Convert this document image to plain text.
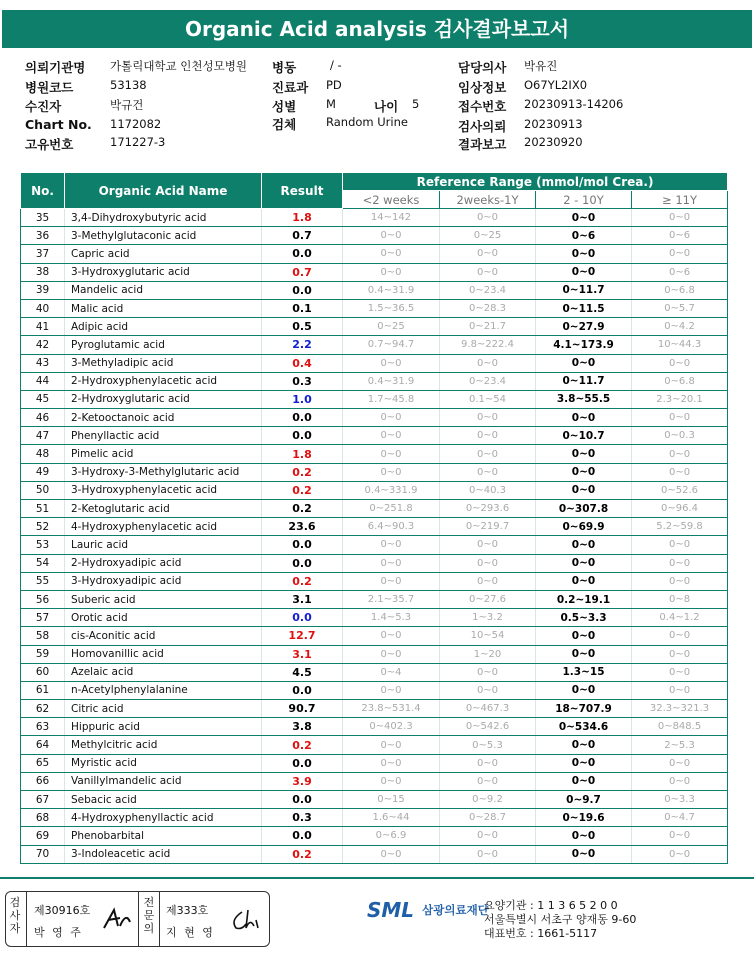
Organic Acid analysis 검사결과보고서
의뢰기관명 가톨릭대학교 인천성모병원 병동	/ -	담당의사 박유진
병원코드	53138	진료과 PD	임상정보 O67YL2IX0
수진자	박규건	성별	M	나이 5	접수번호 20230913-14206
Chart No. 1172082	검체	Random Urine	검사의뢰 20230913
고유번호	171227-3	결과보고 20230920
No.	Organic Acid Name	Result	Reference Range (mmol/mol Crea.)			
			<2 weeks	2weeks-1Y	2 - 10Y	≥ 11Y
35	3,4-Dihydroxybutyric acid	1.8	14~142	0~0	0~0	0~0
36	3-Methylglutaconic acid	0.7	0~0	0~25	0~6	0~6
37	Capric acid	0.0	0~0	0~0	0~0	0~0
38	3-Hydroxyglutaric acid	0.7	0~0	0~0	0~0	0~6
39	Mandelic acid	0.0	0.4~31.9	0~23.4	0~11.7	0~6.8
40	Malic acid	0.1	1.5~36.5	0~28.3	0~11.5	0~5.7
41	Adipic acid	0.5	0~25	0~21.7	0~27.9	0~4.2
42	Pyroglutamic acid	2.2	0.7~94.7	9.8~222.4	4.1~173.9	10~44.3
43	3-Methyladipic acid	0.4	0~0	0~0	0~0	0~0
44	2-Hydroxyphenylacetic acid	0.3	0.4~31.9	0~23.4	0~11.7	0~6.8
45	2-Hydroxyglutaric acid	1.0	1.7~45.8	0.1~54	3.8~55.5	2.3~20.1
46	2-Ketooctanoic acid	0.0	0~0	0~0	0~0	0~0
47	Phenyllactic acid	0.0	0~0	0~0	0~10.7	0~0.3
48	Pimelic acid	1.8	0~0	0~0	0~0	0~0
49	3-Hydroxy-3-Methylglutaric acid	0.2	0~0	0~0	0~0	0~0
50	3-Hydroxyphenylacetic acid	0.2	0.4~331.9	0~40.3	0~0	0~52.6
51	2-Ketoglutaric acid	0.2	0~251.8	0~293.6	0~307.8	0~96.4
52	4-Hydroxyphenylacetic acid	23.6	6.4~90.3	0~219.7	0~69.9	5.2~59.8
53	Lauric acid	0.0	0~0	0~0	0~0	0~0
54	2-Hydroxyadipic acid	0.0	0~0	0~0	0~0	0~0
55	3-Hydroxyadipic acid	0.2	0~0	0~0	0~0	0~0
56	Suberic acid	3.1	2.1~35.7	0~27.6	0.2~19.1	0~8
57	Orotic acid	0.0	1.4~5.3	1~3.2	0.5~3.3	0.4~1.2
58	cis-Aconitic acid	12.7	0~0	10~54	0~0	0~0
59	Homovanillic acid	3.1	0~0	1~20	0~0	0~0
60	Azelaic acid	4.5	0~4	0~0	1.3~15	0~0
61	n-Acetylphenylalanine	0.0	0~0	0~0	0~0	0~0
62	Citric acid	90.7	23.8~531.4	0~467.3	18~707.9	32.3~321.3
63	Hippuric acid	3.8	0~402.3	0~542.6	0~534.6	0~848.5
64	Methylcitric acid	0.2	0~0	0~5.3	0~0	2~5.3
65	Myristic acid	0.0	0~0	0~0	0~0	0~0
66	Vanillylmandelic acid	3.9	0~0	0~0	0~0	0~0
67	Sebacic acid	0.0	0~15	0~9.2	0~9.7	0~3.3
68	4-Hydroxyphenyllactic acid	0.3	1.6~44	0~28.7	0~19.6	0~4.7
69	Phenobarbital	0.0	0~6.9	0~0	0~0	0~0
70	3-Indoleacetic acid	0.2	0~0	0~0	0~0	0~0
검
사
자
제30916호
박 영 주
전
문
의
제333호
지 현 영
SML 삼광의료재단
요양기관 : 1 1 3 6 5 2 0 0
서울특별시 서초구 양재동 9-60
대표번호 : 1661-5117
